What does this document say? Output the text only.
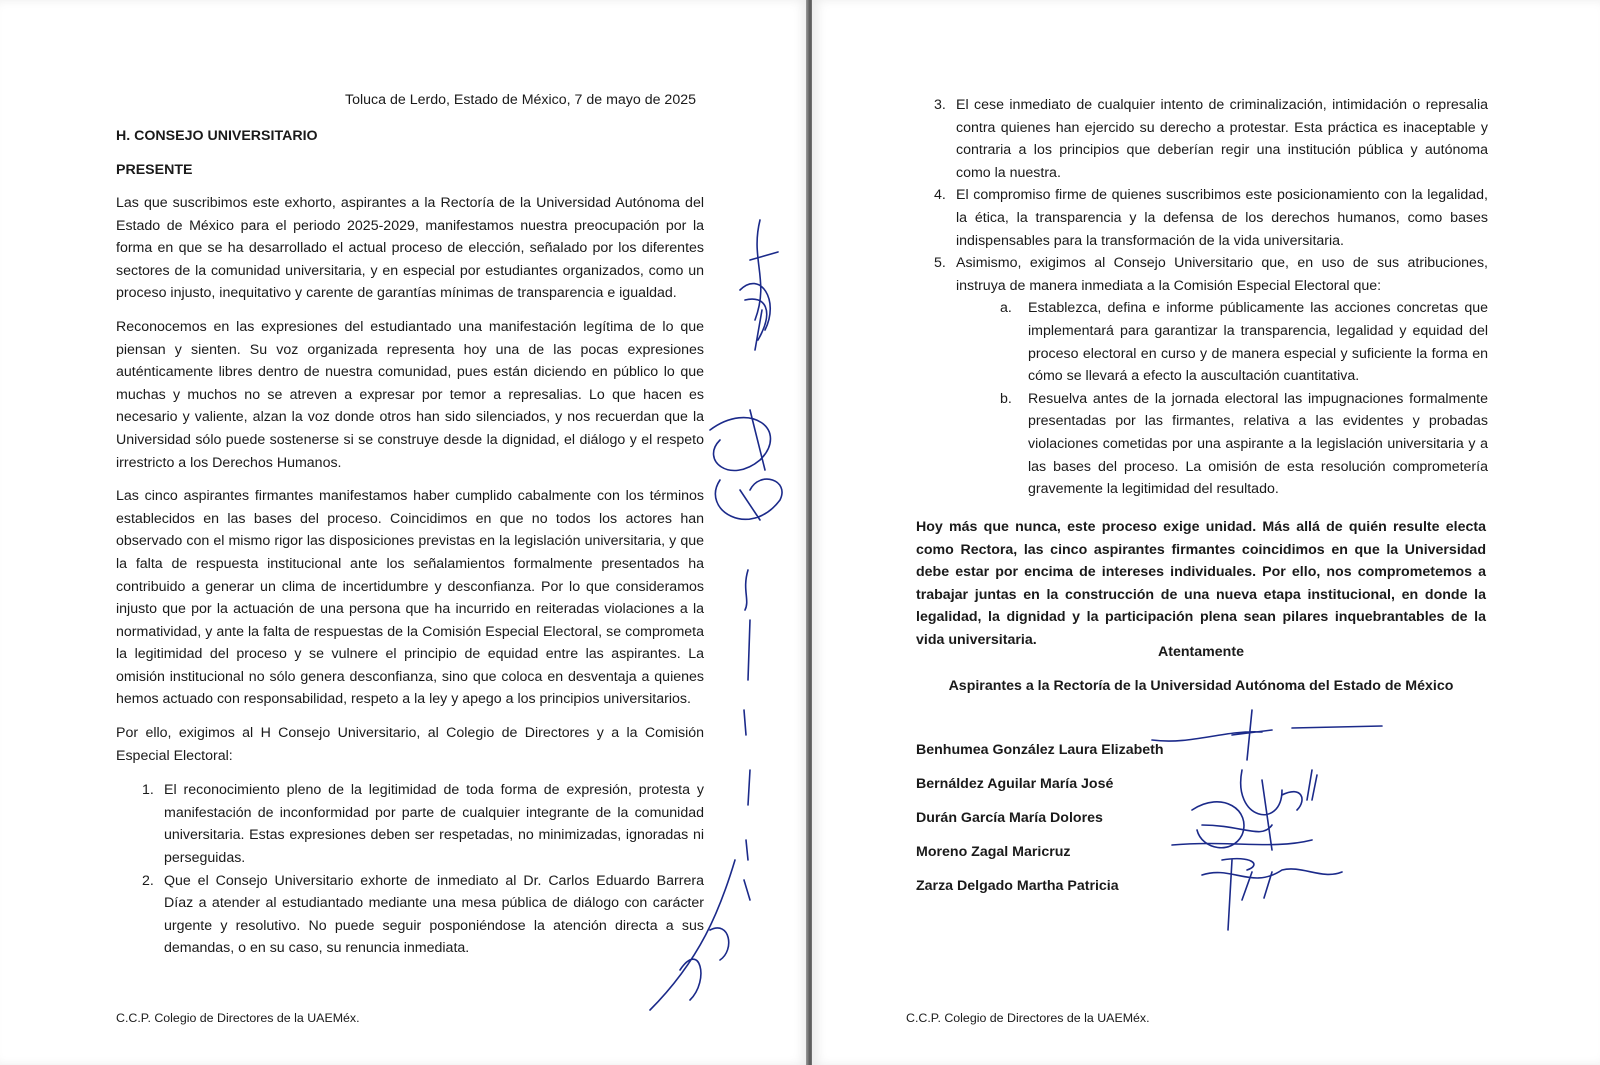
Toluca de Lerdo, Estado de México, 7 de mayo de 2025
H. CONSEJO UNIVERSITARIO
PRESENTE

Las que suscribimos este exhorto, aspirantes a la Rectoría de la Universidad Autónoma del Estado de México para el periodo 2025-2029, manifestamos nuestra preocupación por la forma en que se ha desarrollado el actual proceso de elección, señalado por los diferentes sectores de la comunidad universitaria, y en especial por estudiantes organizados, como un proceso injusto, inequitativo y carente de garantías mínimas de transparencia e igualdad.

Reconocemos en las expresiones del estudiantado una manifestación legítima de lo que piensan y sienten. Su voz organizada representa hoy una de las pocas expresiones auténticamente libres dentro de nuestra comunidad, pues están diciendo en público lo que muchas y muchos no se atreven a expresar por temor a represalias. Lo que hacen es necesario y valiente, alzan la voz donde otros han sido silenciados, y nos recuerdan que la Universidad sólo puede sostenerse si se construye desde la dignidad, el diálogo y el respeto irrestricto a los Derechos Humanos.

Las cinco aspirantes firmantes manifestamos haber cumplido cabalmente con los términos establecidos en las bases del proceso. Coincidimos en que no todos los actores han observado con el mismo rigor las disposiciones previstas en la legislación universitaria, y que la falta de respuesta institucional ante los señalamientos formalmente presentados ha contribuido a generar un clima de incertidumbre y desconfianza. Por lo que consideramos injusto que por la actuación de una persona que ha incurrido en reiteradas violaciones a la normatividad, y ante la falta de respuestas de la Comisión Especial Electoral, se comprometa la legitimidad del proceso y se vulnere el principio de equidad entre las aspirantes. La omisión institucional no sólo genera desconfianza, sino que coloca en desventaja a quienes hemos actuado con responsabilidad, respeto a la ley y apego a los principios universitarios.

Por ello, exigimos al H Consejo Universitario, al Colegio de Directores y a la Comisión Especial Electoral:

1. El reconocimiento pleno de la legitimidad de toda forma de expresión, protesta y manifestación de inconformidad por parte de cualquier integrante de la comunidad universitaria. Estas expresiones deben ser respetadas, no minimizadas, ignoradas ni perseguidas.
2. Que el Consejo Universitario exhorte de inmediato al Dr. Carlos Eduardo Barrera Díaz a atender al estudiantado mediante una mesa pública de diálogo con carácter urgente y resolutivo. No puede seguir posponiéndose la atención directa a sus demandas, o en su caso, su renuncia inmediata.
C.C.P. Colegio de Directores de la UAEMéx.
3. El cese inmediato de cualquier intento de criminalización, intimidación o represalia contra quienes han ejercido su derecho a protestar. Esta práctica es inaceptable y contraria a los principios que deberían regir una institución pública y autónoma como la nuestra.
4. El compromiso firme de quienes suscribimos este posicionamiento con la legalidad, la ética, la transparencia y la defensa de los derechos humanos, como bases indispensables para la transformación de la vida universitaria.
5. Asimismo, exigimos al Consejo Universitario que, en uso de sus atribuciones, instruya de manera inmediata a la Comisión Especial Electoral que:
a. Establezca, defina e informe públicamente las acciones concretas que implementará para garantizar la transparencia, legalidad y equidad del proceso electoral en curso y de manera especial y suficiente la forma en cómo se llevará a efecto la auscultación cuantitativa.
b. Resuelva antes de la jornada electoral las impugnaciones formalmente presentadas por las firmantes, relativa a las evidentes y probadas violaciones cometidas por una aspirante a la legislación universitaria y a las bases del proceso. La omisión de esta resolución comprometería gravemente la legitimidad del resultado.
Hoy más que nunca, este proceso exige unidad. Más allá de quién resulte electa como Rectora, las cinco aspirantes firmantes coincidimos en que la Universidad debe estar por encima de intereses individuales. Por ello, nos comprometemos a trabajar juntas en la construcción de una nueva etapa institucional, en donde la legalidad, la dignidad y la participación plena sean pilares inquebrantables de la vida universitaria.
Atentamente
Aspirantes a la Rectoría de la Universidad Autónoma del Estado de México
Benhumea González Laura Elizabeth
Bernáldez Aguilar María José
Durán García María Dolores
Moreno Zagal Maricruz
Zarza Delgado Martha Patricia
C.C.P. Colegio de Directores de la UAEMéx.
